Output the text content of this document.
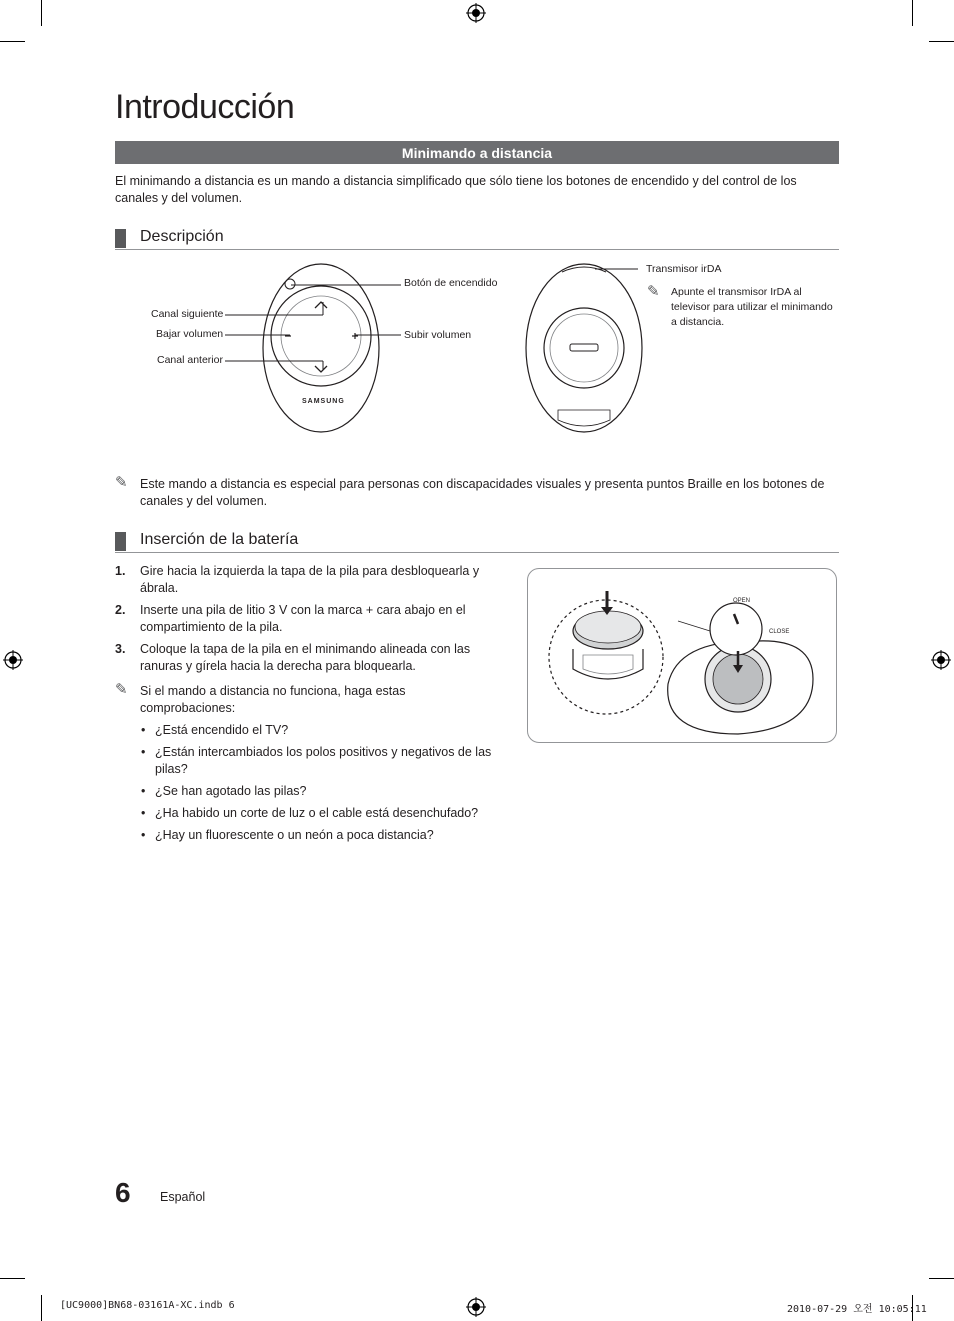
Introducción
Minimando a distancia
El minimando a distancia es un mando a distancia simplificado que sólo tiene los botones de encendido y del control de los canales y del volumen.
Descripción
SAMSUNG
Botón de encendido
Canal siguiente
Bajar volumen	Subir volumen
Canal anterior
Transmisor irDA
✎ Apunte el transmisor IrDA al televisor para utilizar el minimando a distancia.
✎ Este mando a distancia es especial para personas con discapacidades visuales y presenta puntos Braille en los botones de canales y del volumen.
Inserción de la batería
1. Gire hacia la izquierda la tapa de la pila para desbloquearla y ábrala.
2. Inserte una pila de litio 3 V con la marca + cara abajo en el compartimiento de la pila.
3. Coloque la tapa de la pila en el minimando alineada con las ranuras y gírela hacia la derecha para bloquearla.
✎ Si el mando a distancia no funciona, haga estas comprobaciones:
• ¿Está encendido el TV?
• ¿Están intercambiados los polos positivos y negativos de las pilas?
• ¿Se han agotado las pilas?
• ¿Ha habido un corte de luz o el cable está desenchufado?
• ¿Hay un fluorescente o un neón a poca distancia?
OPEN
CLOSE
6 Español
[UC9000]BN68-03161A-XC.indb 6	2010-07-29 오전 10:05:11
